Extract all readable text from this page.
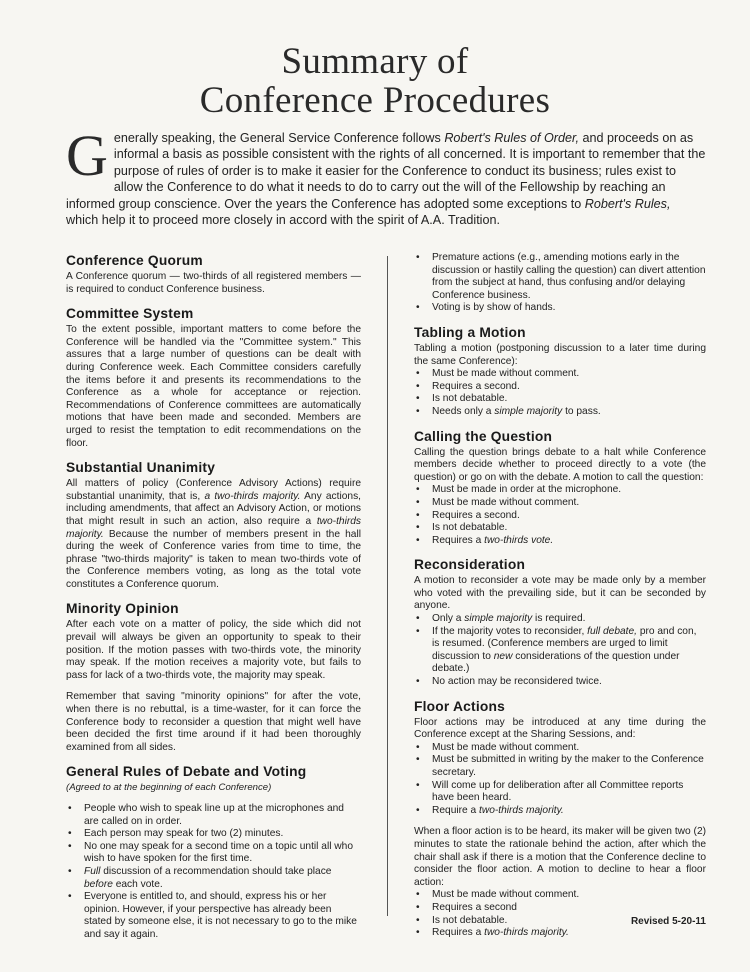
Summary of
Conference Procedures
Generally speaking, the General Service Conference follows Robert's Rules of Order, and proceeds on as informal a basis as possible consistent with the rights of all concerned. It is important to remember that the purpose of rules of order is to make it easier for the Conference to conduct its business; rules exist to allow the Conference to do what it needs to do to carry out the will of the Fellowship by reaching an informed group conscience. Over the years the Conference has adopted some exceptions to Robert's Rules, which help it to proceed more closely in accord with the spirit of A.A. Tradition.
Conference Quorum

A Conference quorum — two-thirds of all registered members — is required to conduct Conference business.

Committee System

To the extent possible, important matters to come before the Conference will be handled via the "Committee system." This assures that a large number of questions can be dealt with during Conference week. Each Committee considers carefully the items before it and presents its recommendations to the Conference as a whole for acceptance or rejection. Recommendations of Conference committees are automatically motions that have been made and seconded. Members are urged to resist the temptation to edit recommendations on the floor.

Substantial Unanimity

All matters of policy (Conference Advisory Actions) require substantial unanimity, that is, a two-thirds majority. Any actions, including amendments, that affect an Advisory Action, or motions that might result in such an action, also require a two-thirds majority. Because the number of members present in the hall during the week of Conference varies from time to time, the phrase "two-thirds majority" is taken to mean two-thirds vote of the Conference members voting, as long as the total vote constitutes a Conference quorum.

Minority Opinion

After each vote on a matter of policy, the side which did not prevail will always be given an opportunity to speak to their position. If the motion passes with two-thirds vote, the minority may speak. If the motion receives a majority vote, but fails to pass for lack of a two-thirds vote, the majority may speak.

Remember that saving "minority opinions" for after the vote, when there is no rebuttal, is a time-waster, for it can force the Conference body to reconsider a question that might well have been decided the first time around if it had been thoroughly examined from all sides.

General Rules of Debate and Voting
(Agreed to at the beginning of each Conference)
• People who wish to speak line up at the microphones and are called on in order.
• Each person may speak for two (2) minutes.
• No one may speak for a second time on a topic until all who wish to have spoken for the first time.
• Full discussion of a recommendation should take place before each vote.
• Everyone is entitled to, and should, express his or her opinion. However, if your perspective has already been stated by someone else, it is not necessary to go to the mike and say it again.
• Premature actions (e.g., amending motions early in the discussion or hastily calling the question) can divert attention from the subject at hand, thus confusing and/or delaying Conference business.
• Voting is by show of hands.
Tabling a Motion
Tabling a motion (postponing discussion to a later time during the same Conference):
• Must be made without comment.
• Requires a second.
• Is not debatable.
• Needs only a simple majority to pass.
Calling the Question
Calling the question brings debate to a halt while Conference members decide whether to proceed directly to a vote (the question) or go on with the debate. A motion to call the question:
• Must be made in order at the microphone.
• Must be made without comment.
• Requires a second.
• Is not debatable.
• Requires a two-thirds vote.
Reconsideration
A motion to reconsider a vote may be made only by a member who voted with the prevailing side, but it can be seconded by anyone.
• Only a simple majority is required.
• If the majority votes to reconsider, full debate, pro and con, is resumed. (Conference members are urged to limit discussion to new considerations of the question under debate.)
• No action may be reconsidered twice.
Floor Actions
Floor actions may be introduced at any time during the Conference except at the Sharing Sessions, and:
• Must be made without comment.
• Must be submitted in writing by the maker to the Conference secretary.
• Will come up for deliberation after all Committee reports have been heard.
• Require a two-thirds majority.
When a floor action is to be heard, its maker will be given two (2) minutes to state the rationale behind the action, after which the chair shall ask if there is a motion that the Conference decline to consider the floor action. A motion to decline to hear a floor action:
• Must be made without comment.
• Requires a second
• Is not debatable.
• Requires a two-thirds majority.
Revised 5-20-11
